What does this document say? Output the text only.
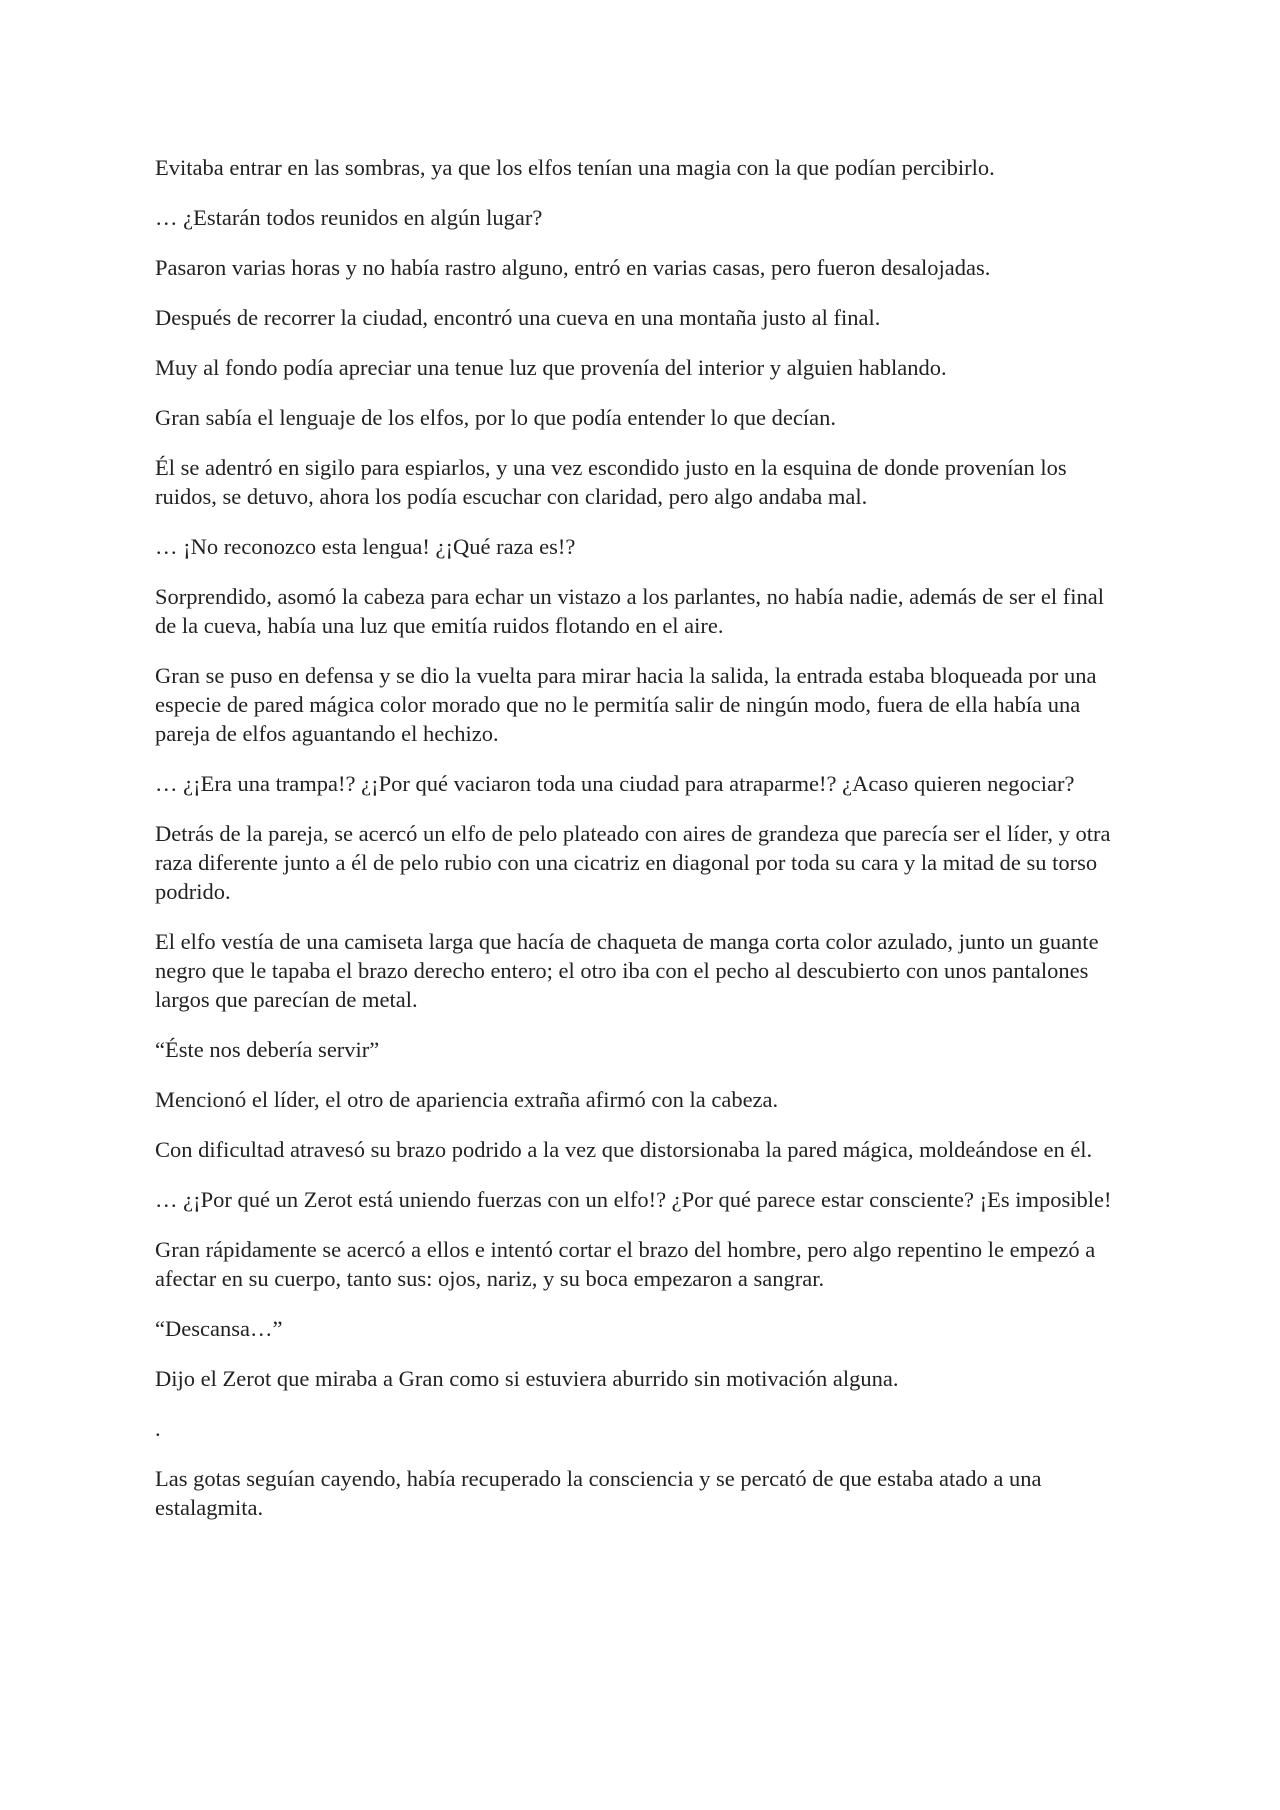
Evitaba entrar en las sombras, ya que los elfos tenían una magia con la que podían percibirlo.

… ¿Estarán todos reunidos en algún lugar?

Pasaron varias horas y no había rastro alguno, entró en varias casas, pero fueron desalojadas.

Después de recorrer la ciudad, encontró una cueva en una montaña justo al final.

Muy al fondo podía apreciar una tenue luz que provenía del interior y alguien hablando.

Gran sabía el lenguaje de los elfos, por lo que podía entender lo que decían.

Él se adentró en sigilo para espiarlos, y una vez escondido justo en la esquina de donde provenían los ruidos, se detuvo, ahora los podía escuchar con claridad, pero algo andaba mal.

… ¡No reconozco esta lengua! ¿¡Qué raza es!?

Sorprendido, asomó la cabeza para echar un vistazo a los parlantes, no había nadie, además de ser el final de la cueva, había una luz que emitía ruidos flotando en el aire.

Gran se puso en defensa y se dio la vuelta para mirar hacia la salida, la entrada estaba bloqueada por una especie de pared mágica color morado que no le permitía salir de ningún modo, fuera de ella había una pareja de elfos aguantando el hechizo.

… ¿¡Era una trampa!? ¿¡Por qué vaciaron toda una ciudad para atraparme!? ¿Acaso quieren negociar?

Detrás de la pareja, se acercó un elfo de pelo plateado con aires de grandeza que parecía ser el líder, y otra raza diferente junto a él de pelo rubio con una cicatriz en diagonal por toda su cara y la mitad de su torso podrido.

El elfo vestía de una camiseta larga que hacía de chaqueta de manga corta color azulado, junto un guante negro que le tapaba el brazo derecho entero; el otro iba con el pecho al descubierto con unos pantalones largos que parecían de metal.

“Éste nos debería servir”

Mencionó el líder, el otro de apariencia extraña afirmó con la cabeza.

Con dificultad atravesó su brazo podrido a la vez que distorsionaba la pared mágica, moldeándose en él.

… ¿¡Por qué un Zerot está uniendo fuerzas con un elfo!? ¿Por qué parece estar consciente? ¡Es imposible!

Gran rápidamente se acercó a ellos e intentó cortar el brazo del hombre, pero algo repentino le empezó a afectar en su cuerpo, tanto sus: ojos, nariz, y su boca empezaron a sangrar.

“Descansa…”

Dijo el Zerot que miraba a Gran como si estuviera aburrido sin motivación alguna.

.

Las gotas seguían cayendo, había recuperado la consciencia y se percató de que estaba atado a una estalagmita.
